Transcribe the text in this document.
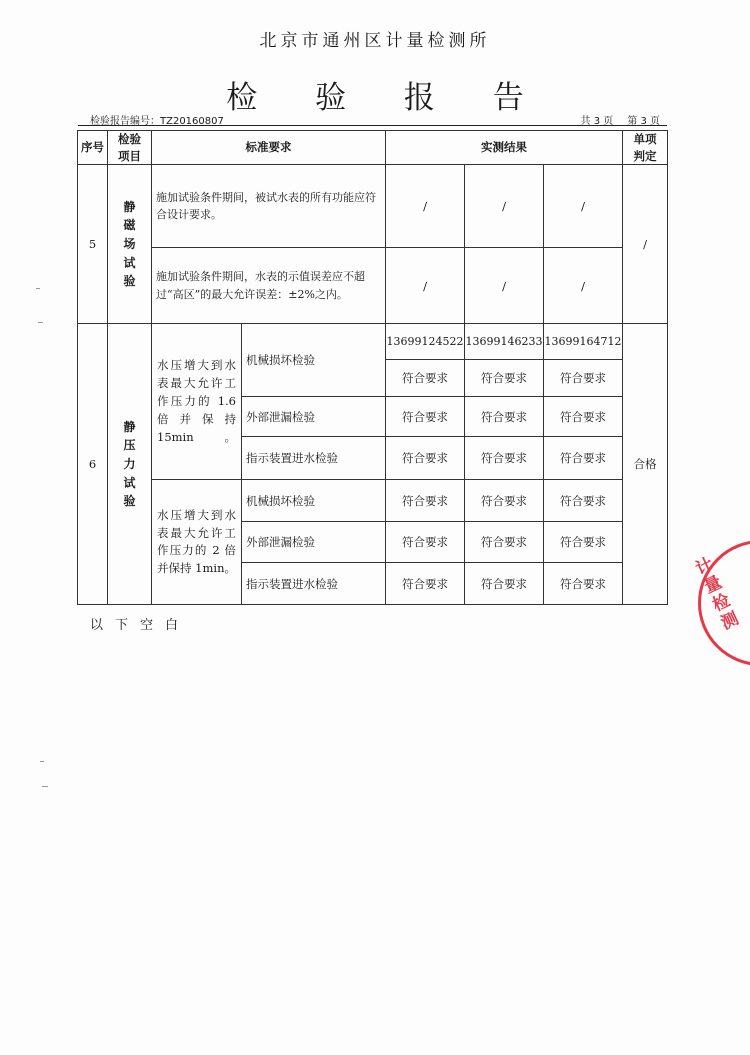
北京市通州区计量检测所
检 验 报 告
检验报告编号：TZ20160807	共 3 页 第 3 页
序号	检验项目	标准要求		实测结果			单项判定
5	静磁场试验	施加试验条件期间，被试水表的所有功能应符合设计要求。		/	/	/	/
		施加试验条件期间，水表的示值误差应不超过“高区”的最大允许误差：±2%之内。		/	/	/	
6	静压力试验	水压增大到水表最大允许工作压力的 1.6 倍并保持 15min。	机械损坏检验	13699124522	13699146233	13699164712	合格
				符合要求	符合要求	符合要求	
			外部泄漏检验	符合要求	符合要求	符合要求	
			指示装置进水检验	符合要求	符合要求	符合要求	
		水压增大到水表最大允许工作压力的 2 倍并保持 1min。	机械损坏检验	符合要求	符合要求	符合要求	
			外部泄漏检验	符合要求	符合要求	符合要求	
			指示装置进水检验	符合要求	符合要求	符合要求	
以下空白	计量检测
